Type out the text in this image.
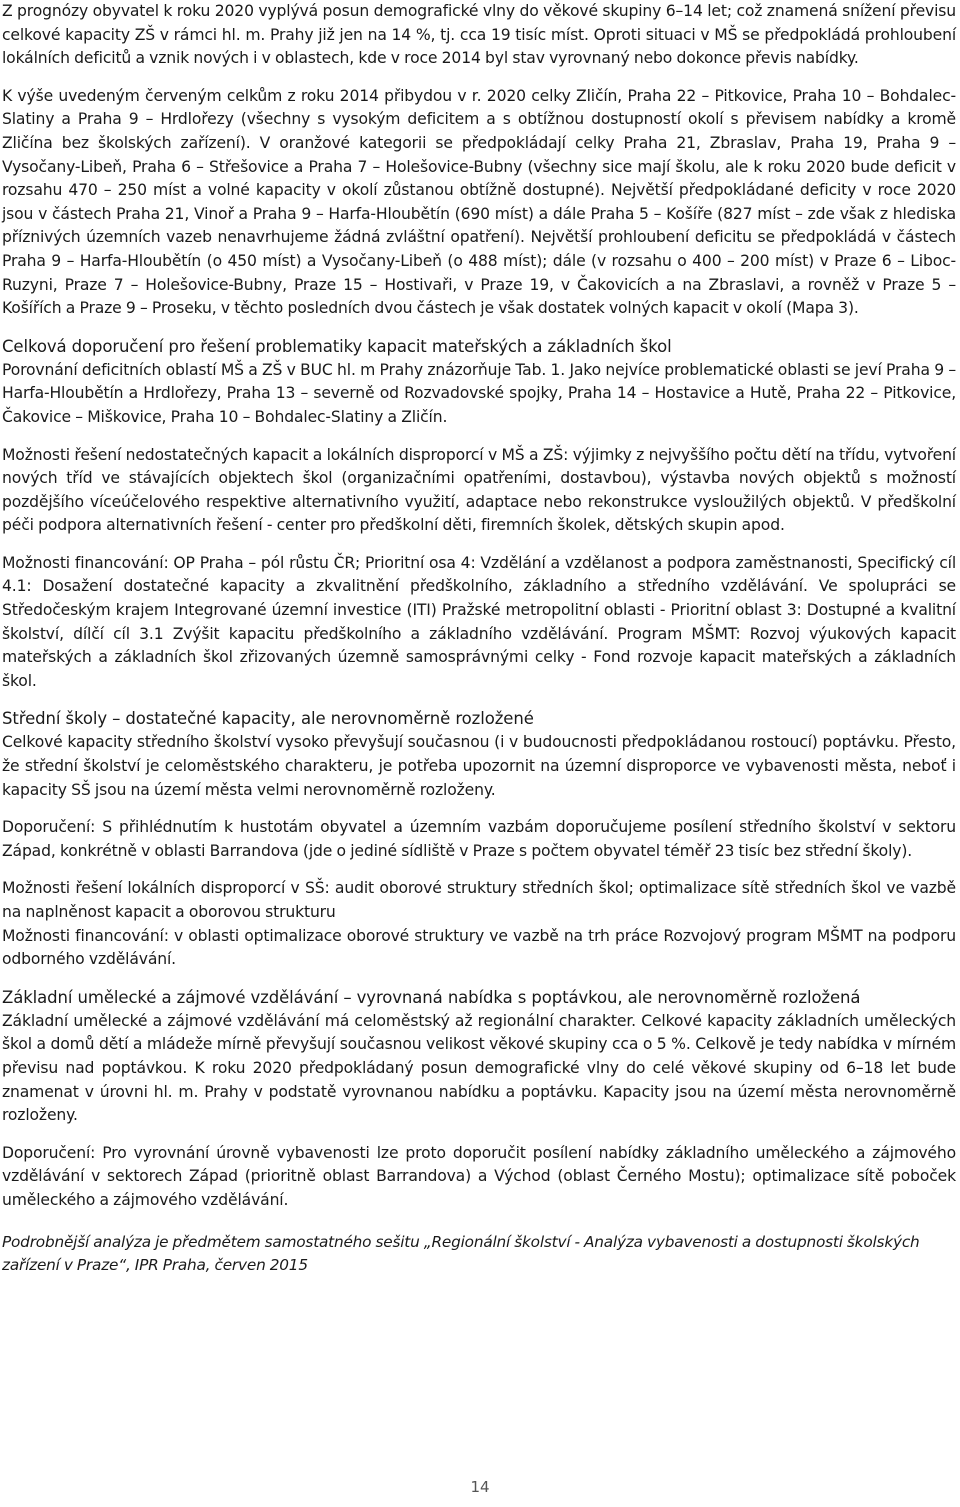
Z prognózy obyvatel k roku 2020 vyplývá posun demografické vlny do věkové skupiny 6–14 let; což znamená snížení převisu celkové kapacity ZŠ v rámci hl. m. Prahy již jen na 14 %, tj. cca 19 tisíc míst. Oproti situaci v MŠ se předpokládá prohloubení lokálních deficitů a vznik nových i v oblastech, kde v roce 2014 byl stav vyrovnaný nebo dokonce převis nabídky.

K výše uvedeným červeným celkům z roku 2014 přibydou v r. 2020 celky Zličín, Praha 22 – Pitkovice, Praha 10 – Bohdalec-Slatiny a Praha 9 – Hrdlořezy (všechny s vysokým deficitem a s obtížnou dostupností okolí s převisem nabídky a kromě Zličína bez školských zařízení). V oranžové kategorii se předpokládají celky Praha 21, Zbraslav, Praha 19, Praha 9 – Vysočany-Libeň, Praha 6 – Střešovice a Praha 7 – Holešovice-Bubny (všechny sice mají školu, ale k roku 2020 bude deficit v rozsahu 470 – 250 míst a volné kapacity v okolí zůstanou obtížně dostupné). Největší předpokládané deficity v roce 2020 jsou v částech Praha 21, Vinoř a Praha 9 – Harfa-Hloubětín (690 míst) a dále Praha 5 – Košíře (827 míst – zde však z hlediska příznivých územních vazeb nenavrhujeme žádná zvláštní opatření). Největší prohloubení deficitu se předpokládá v částech Praha 9 – Harfa-Hloubětín (o 450 míst) a Vysočany-Libeň (o 488 míst); dále (v rozsahu o 400 – 200 míst) v Praze 6 – Liboc-Ruzyni, Praze 7 – Holešovice-Bubny, Praze 15 – Hostivaři, v Praze 19, v Čakovicích a na Zbraslavi, a rovněž v Praze 5 – Košířích a Praze 9 – Proseku, v těchto posledních dvou částech je však dostatek volných kapacit v okolí (Mapa 3).

Celková doporučení pro řešení problematiky kapacit mateřských a základních škol

Porovnání deficitních oblastí MŠ a ZŠ v BUC hl. m Prahy znázorňuje Tab. 1. Jako nejvíce problematické oblasti se jeví Praha 9 – Harfa-Hloubětín a Hrdlořezy, Praha 13 – severně od Rozvadovské spojky, Praha 14 – Hostavice a Hutě, Praha 22 – Pitkovice, Čakovice – Miškovice, Praha 10 – Bohdalec-Slatiny a Zličín.

Možnosti řešení nedostatečných kapacit a lokálních disproporcí v MŠ a ZŠ: výjimky z nejvyššího počtu dětí na třídu, vytvoření nových tříd ve stávajících objektech škol (organizačními opatřeními, dostavbou), výstavba nových objektů s možností pozdějšího víceúčelového respektive alternativního využití, adaptace nebo rekonstrukce vysloužilých objektů. V předškolní péči podpora alternativních řešení - center pro předškolní děti, firemních školek, dětských skupin apod.

Možnosti financování: OP Praha – pól růstu ČR; Prioritní osa 4: Vzdělání a vzdělanost a podpora zaměstnanosti, Specifický cíl 4.1: Dosažení dostatečné kapacity a zkvalitnění předškolního, základního a středního vzdělávání. Ve spolupráci se Středočeským krajem Integrované územní investice (ITI) Pražské metropolitní oblasti - Prioritní oblast 3: Dostupné a kvalitní školství, dílčí cíl 3.1 Zvýšit kapacitu předškolního a základního vzdělávání. Program MŠMT: Rozvoj výukových kapacit mateřských a základních škol zřizovaných územně samosprávnými celky - Fond rozvoje kapacit mateřských a základních škol.

Střední školy – dostatečné kapacity, ale nerovnoměrně rozložené

Celkové kapacity středního školství vysoko převyšují současnou (i v budoucnosti předpokládanou rostoucí) poptávku. Přesto, že střední školství je celoměstského charakteru, je potřeba upozornit na územní disproporce ve vybavenosti města, neboť i kapacity SŠ jsou na území města velmi nerovnoměrně rozloženy.

Doporučení: S přihlédnutím k hustotám obyvatel a územním vazbám doporučujeme posílení středního školství v sektoru Západ, konkrétně v oblasti Barrandova (jde o jediné sídliště v Praze s počtem obyvatel téměř 23 tisíc bez střední školy).

Možnosti řešení lokálních disproporcí v SŠ: audit oborové struktury středních škol; optimalizace sítě středních škol ve vazbě na naplněnost kapacit a oborovou strukturu

Možnosti financování: v oblasti optimalizace oborové struktury ve vazbě na trh práce Rozvojový program MŠMT na podporu odborného vzdělávání.

Základní umělecké a zájmové vzdělávání – vyrovnaná nabídka s poptávkou, ale nerovnoměrně rozložená

Základní umělecké a zájmové vzdělávání má celoměstský až regionální charakter. Celkové kapacity základních uměleckých škol a domů dětí a mládeže mírně převyšují současnou velikost věkové skupiny cca o 5 %. Celkově je tedy nabídka v mírném převisu nad poptávkou. K roku 2020 předpokládaný posun demografické vlny do celé věkové skupiny od 6–18 let bude znamenat v úrovni hl. m. Prahy v podstatě vyrovnanou nabídku a poptávku. Kapacity jsou na území města nerovnoměrně rozloženy.

Doporučení: Pro vyrovnání úrovně vybavenosti lze proto doporučit posílení nabídky základního uměleckého a zájmového vzdělávání v sektorech Západ (prioritně oblast Barrandova) a Východ (oblast Černého Mostu); optimalizace sítě poboček uměleckého a zájmového vzdělávání.

Podrobnější analýza je předmětem samostatného sešitu „Regionální školství - Analýza vybavenosti a dostupnosti školských zařízení v Praze“, IPR Praha, červen 2015

14
